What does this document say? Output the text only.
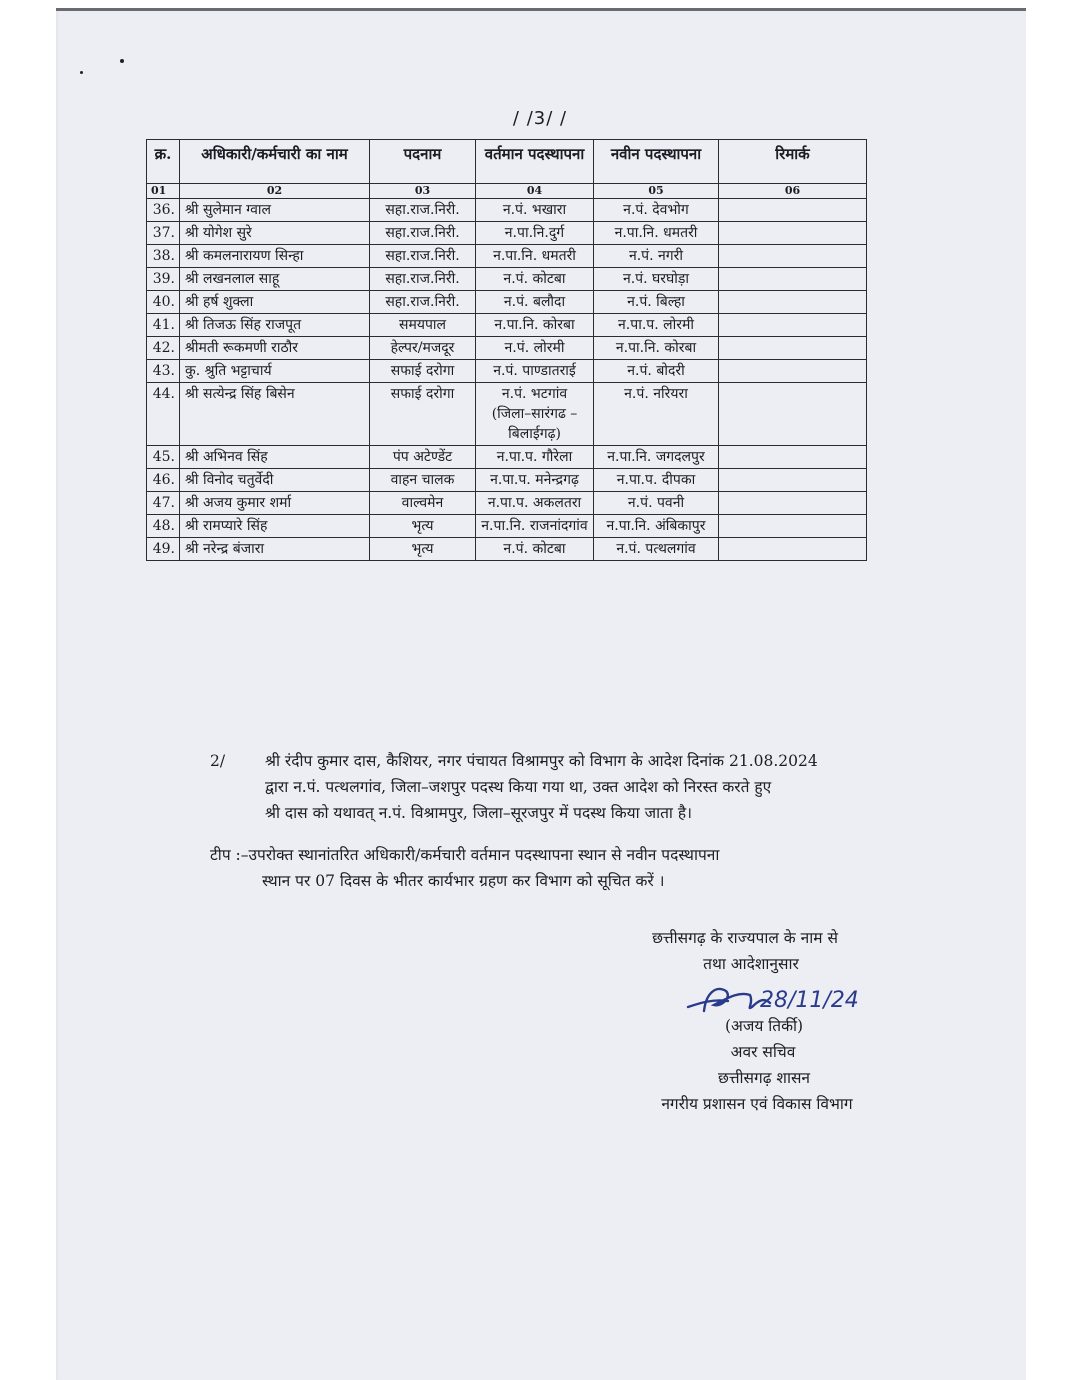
/ /3/ /
क्र.	अधिकारी/कर्मचारी का नाम	पदनाम	वर्तमान पदस्थापना	नवीन पदस्थापना	रिमार्क
01	02	03	04	05	06
36.	श्री सुलेमान ग्वाल	सहा.राज.निरी.	न.पं. भखारा	न.पं. देवभोग	
37.	श्री योगेश सुरे	सहा.राज.निरी.	न.पा.नि.दुर्ग	न.पा.नि. धमतरी	
38.	श्री कमलनारायण सिन्हा	सहा.राज.निरी.	न.पा.नि. धमतरी	न.पं. नगरी	
39.	श्री लखनलाल साहू	सहा.राज.निरी.	न.पं. कोटबा	न.पं. घरघोड़ा	
40.	श्री हर्ष शुक्ला	सहा.राज.निरी.	न.पं. बलौदा	न.पं. बिल्हा	
41.	श्री तिजऊ सिंह राजपूत	समयपाल	न.पा.नि. कोरबा	न.पा.प. लोरमी	
42.	श्रीमती रूकमणी राठौर	हेल्पर/मजदूर	न.पं. लोरमी	न.पा.नि. कोरबा	
43.	कु. श्रुति भट्टाचार्य	सफाई दरोगा	न.पं. पाण्डातराई	न.पं. बोदरी	
44.	श्री सत्येन्द्र सिंह बिसेन	सफाई दरोगा	न.पं. भटगांव (जिला–सारंगढ –बिलाईगढ़)	न.पं. नरियरा	
45.	श्री अभिनव सिंह	पंप अटेण्डेंट	न.पा.प. गौरेला	न.पा.नि. जगदलपुर	
46.	श्री विनोद चतुर्वेदी	वाहन चालक	न.पा.प. मनेन्द्रगढ़	न.पा.प. दीपका	
47.	श्री अजय कुमार शर्मा	वाल्वमेन	न.पा.प. अकलतरा	न.पं. पवनी	
48.	श्री रामप्यारे सिंह	भृत्य	न.पा.नि. राजनांदगांव	न.पा.नि. अंबिकापुर	
49.	श्री नरेन्द्र बंजारा	भृत्य	न.पं. कोटबा	न.पं. पत्थलगांव	
2/	श्री रंदीप कुमार दास, कैशियर, नगर पंचायत विश्रामपुर को विभाग के आदेश दिनांक 21.08.2024
द्वारा न.पं. पत्थलगांव, जिला–जशपुर पदस्थ किया गया था, उक्त आदेश को निरस्त करते हुए
श्री दास को यथावत् न.पं. विश्रामपुर, जिला–सूरजपुर में पदस्थ किया जाता है।
टीप :–उपरोक्त स्थानांतरित अधिकारी/कर्मचारी वर्तमान पदस्थापना स्थान से नवीन पदस्थापना
स्थान पर 07 दिवस के भीतर कार्यभार ग्रहण कर विभाग को सूचित करें ।
छत्तीसगढ़ के राज्यपाल के नाम से
तथा आदेशानुसार
28/11/24
(अजय तिर्की)
अवर सचिव
छत्तीसगढ़ शासन
नगरीय प्रशासन एवं विकास विभाग
